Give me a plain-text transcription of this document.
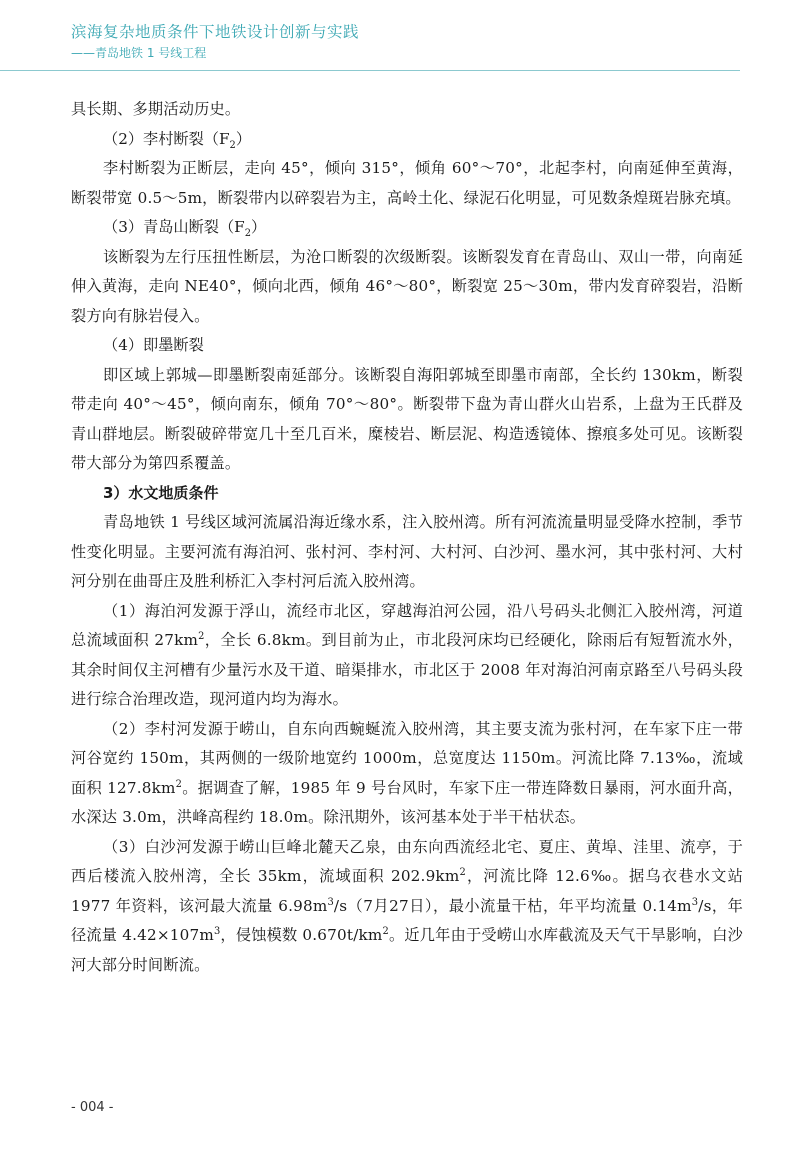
滨海复杂地质条件下地铁设计创新与实践
——青岛地铁 1 号线工程

具长期、多期活动历史。

（2）李村断裂$(F_2)$

李村断裂为正断层，走向 45°，倾向 315°，倾角 60°～70°，北起李村，向南延伸至黄海，断裂带宽 0.5～5m，断裂带内以碎裂岩为主，高岭土化、绿泥石化明显，可见数条煌斑岩脉充填。

（3）青岛山断裂$(F_2)$

该断裂为左行压扭性断层，为沧口断裂的次级断裂。该断裂发育在青岛山、双山一带，向南延伸入黄海，走向 NE40°，倾向北西，倾角 46°～80°，断裂宽 25～30m，带内发育碎裂岩，沿断裂方向有脉岩侵入。

（4）即墨断裂

即区域上郭城—即墨断裂南延部分。该断裂自海阳郭城至即墨市南部，全长约 130km，断裂带走向 40°～45°，倾向南东，倾角 70°～80°。断裂带下盘为青山群火山岩系，上盘为王氏群及青山群地层。断裂破碎带宽几十至几百米，糜棱岩、断层泥、构造透镜体、擦痕多处可见。该断裂带大部分为第四系覆盖。

3）水文地质条件

青岛地铁 1 号线区域河流属沿海近缘水系，注入胶州湾。所有河流流量明显受降水控制，季节性变化明显。主要河流有海泊河、张村河、李村河、大村河、白沙河、墨水河，其中张村河、大村河分别在曲哥庄及胜利桥汇入李村河后流入胶州湾。

（1）海泊河发源于浮山，流经市北区，穿越海泊河公园，沿八号码头北侧汇入胶州湾，河道总流域面积 $27km^2$，全长 6.8km。到目前为止，市北段河床均已经硬化，除雨后有短暂流水外，其余时间仅主河槽有少量污水及干道、暗渠排水，市北区于 2008 年对海泊河南京路至八号码头段进行综合治理改造，现河道内均为海水。

（2）李村河发源于崂山，自东向西蜿蜒流入胶州湾，其主要支流为张村河，在车家下庄一带河谷宽约 150m，其两侧的一级阶地宽约 1000m，总宽度达 1150m。河流比降 7.13‰，流域面积 $127.8km^2$。据调查了解，1985 年 9 号台风时，车家下庄一带连降数日暴雨，河水面升高，水深达 3.0m，洪峰高程约 18.0m。除汛期外，该河基本处于半干枯状态。

（3）白沙河发源于崂山巨峰北麓天乙泉，由东向西流经北宅、夏庄、黄埠、洼里、流亭，于西后楼流入胶州湾，全长 35km，流域面积 $202.9km^2$，河流比降 12.6‰。据乌衣巷水文站 1977 年资料，该河最大流量 $6.98m^3/s(7$月27日），最小流量干枯，年平均流量 $0.14m^3/s$，年径流量 $4.42\times 107m^3$，侵蚀模数 $0.670t/km^2$。近几年由于受崂山水库截流及天气干旱影响，白沙河大部分时间断流。

- 004 -
